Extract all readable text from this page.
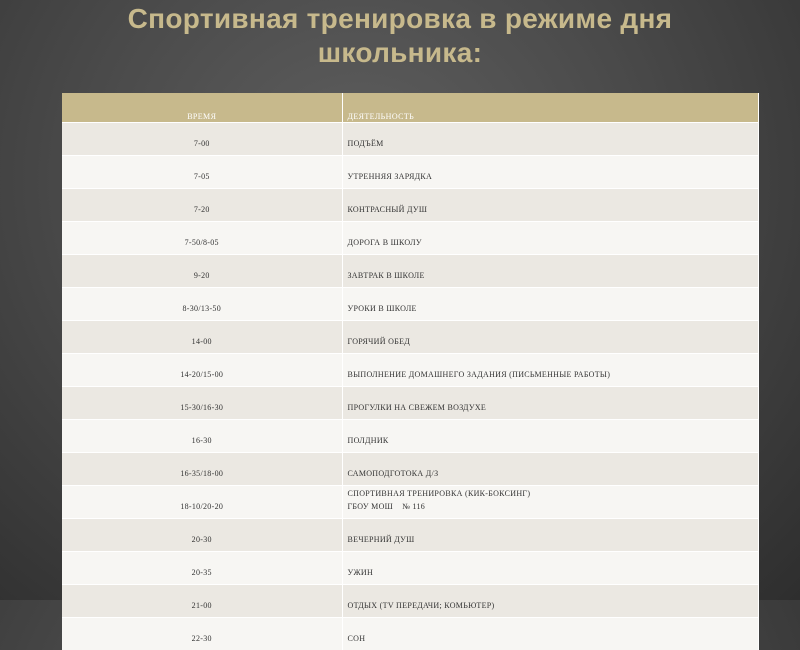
Спортивная тренировка в режиме дня школьника:
ВРЕМЯ	ДЕЯТЕЛЬНОСТЬ
7-00	ПОДЪЁМ
7-05	УТРЕННЯЯ ЗАРЯДКА
7-20	КОНТРАСНЫЙ ДУШ
7-50/8-05	ДОРОГА В ШКОЛУ
9-20	ЗАВТРАК В ШКОЛЕ
8-30/13-50	УРОКИ В ШКОЛЕ
14-00	ГОРЯЧИЙ ОБЕД
14-20/15-00	ВЫПОЛНЕНИЕ ДОМАШНЕГО ЗАДАНИЯ (ПИСЬМЕННЫЕ РАБОТЫ)
15-30/16-30	ПРОГУЛКИ НА СВЕЖЕМ ВОЗДУХЕ
16-30	ПОЛДНИК
16-35/18-00	САМОПОДГОТОКА Д/З
18-10/20-20	СПОРТИВНАЯ ТРЕНИРОВКА (КИК-БОКСИНГ)
ГБОУ МОШ    № 116

20-30	ВЕЧЕРНИЙ ДУШ
20-35	УЖИН
21-00	ОТДЫХ (TV ПЕРЕДАЧИ; КОМЬЮТЕР)
22-30	СОН
